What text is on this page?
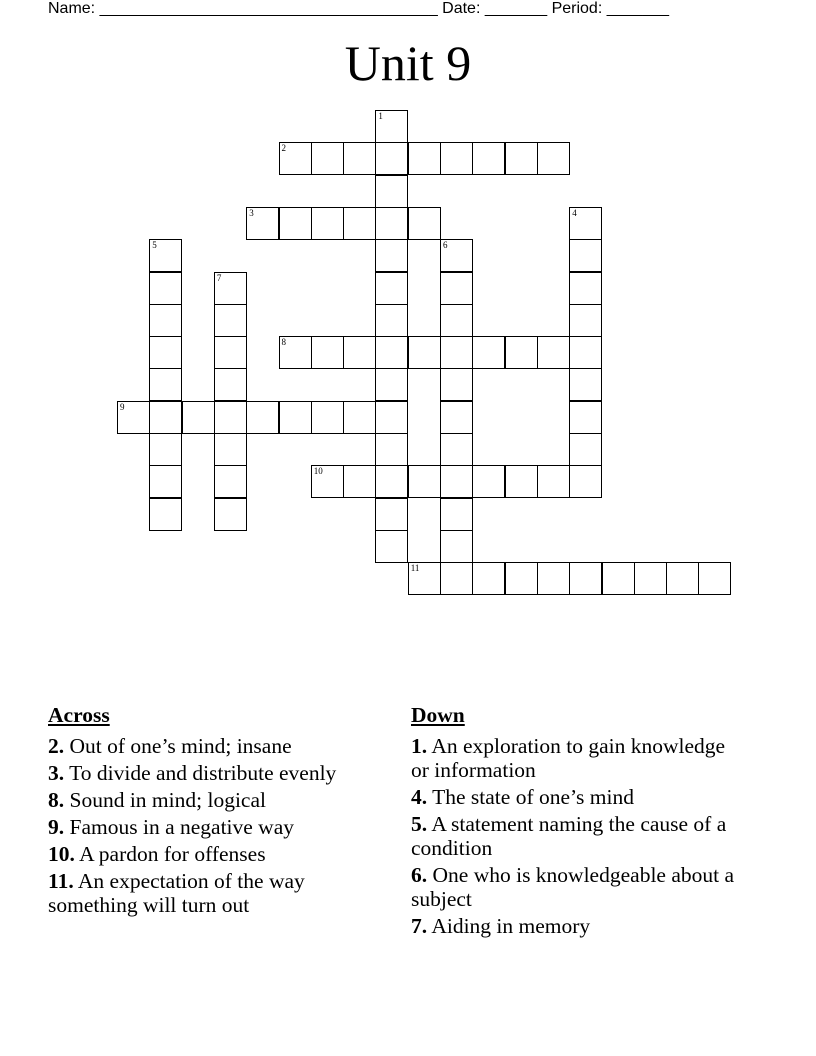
Name: ______________________________________ Date: _______ Period: _______
Unit 9
1
2
3	4
5	6
7
8
9
10
11
Across
2. Out of one’s mind; insane
3. To divide and distribute evenly
8. Sound in mind; logical
9. Famous in a negative way
10. A pardon for offenses
11. An expectation of the way something will turn out
Down
1. An exploration to gain knowledge or information
4. The state of one’s mind
5. A statement naming the cause of a condition
6. One who is knowledgeable about a subject
7. Aiding in memory
